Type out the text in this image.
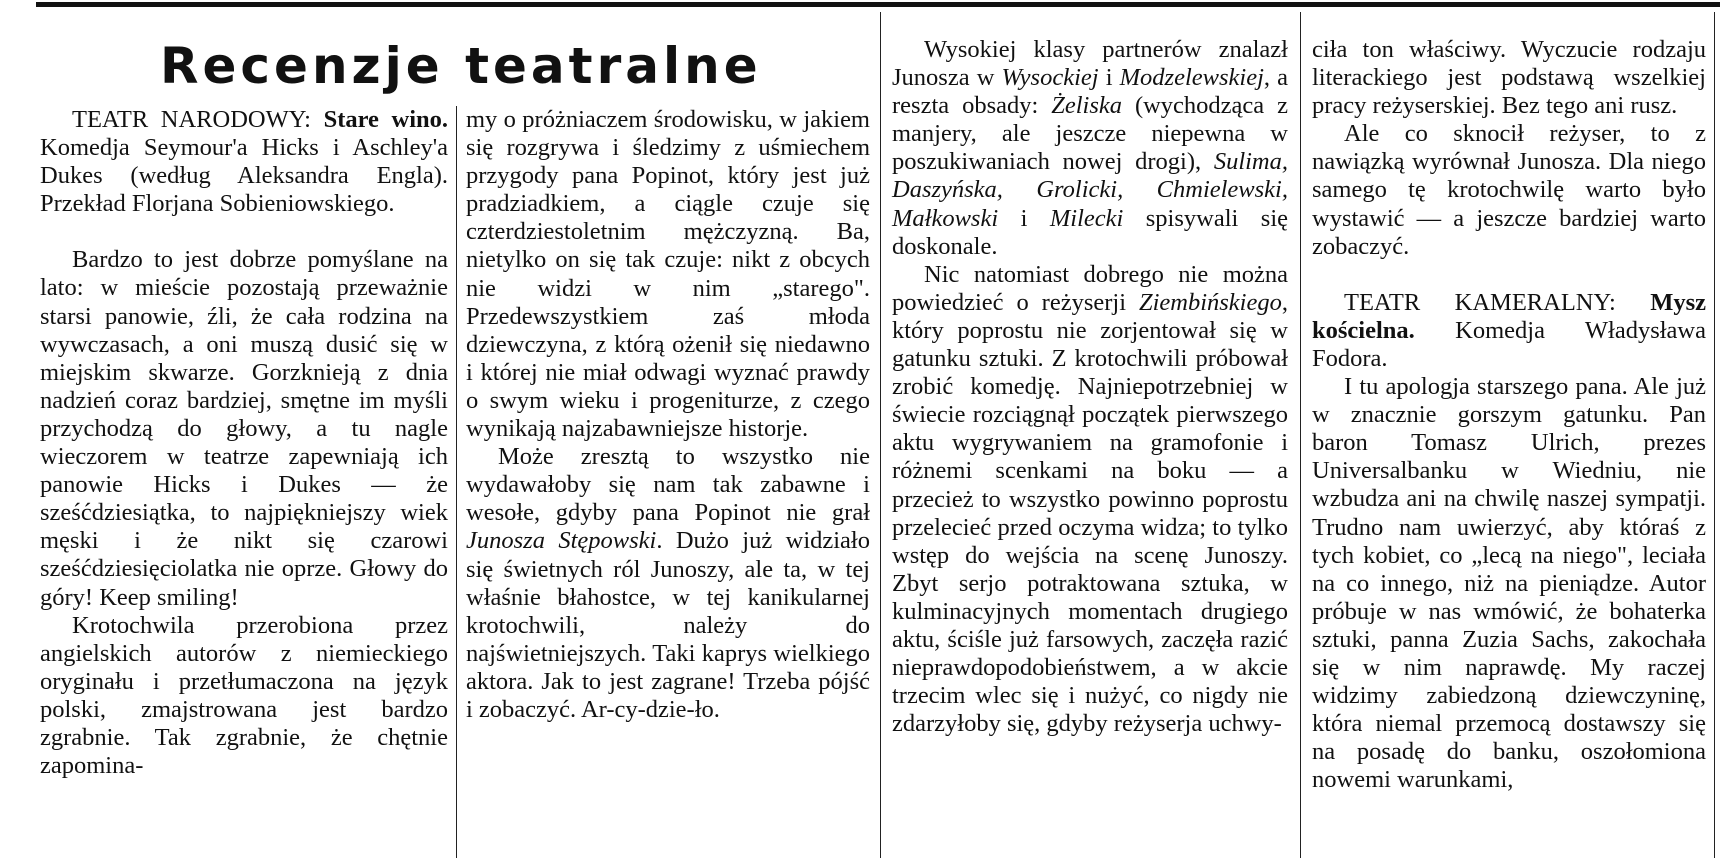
Recenzje teatralne

TEATR NARODOWY: Stare wino. Komedja Seymour'a Hicks i Aschley'a Dukes (według Aleksandra Engla). Przekład Florjana Sobieniowskiego.

Bardzo to jest dobrze pomyślane na lato: w mieście pozostają przeważnie starsi panowie, źli, że cała rodzina na wywczasach, a oni muszą dusić się w miejskim skwarze. Gorzknieją z dnia nadzień coraz bardziej, smętne im myśli przychodzą do głowy, a tu nagle wieczorem w teatrze zapewniają ich panowie Hicks i Dukes — że sześćdziesiątka, to najpiękniejszy wiek męski i że nikt się czarowi sześćdziesięciolatka nie oprze. Głowy do góry! Keep smiling!

Krotochwila przerobiona przez angielskich autorów z niemieckiego oryginału i przetłumaczona na język polski, zmajstrowana jest bardzo zgrabnie. Tak zgrabnie, że chętnie zapomina-

my o próżniaczem środowisku, w jakiem się rozgrywa i śledzimy z uśmiechem przygody pana Popinot, który jest już pradziadkiem, a ciągle czuje się czterdziestoletnim mężczyzną. Ba, nietylko on się tak czuje: nikt z obcych nie widzi w nim „starego". Przedewszystkiem zaś młoda dziewczyna, z którą ożenił się niedawno i której nie miał odwagi wyznać prawdy o swym wieku i progeniturze, z czego wynikają najzabawniejsze historje.

Może zresztą to wszystko nie wydawałoby się nam tak zabawne i wesołe, gdyby pana Popinot nie grał Junosza Stępowski. Dużo już widziało się świetnych ról Junoszy, ale ta, w tej właśnie błahostce, w tej kanikularnej krotochwili, należy do najświetniejszych. Taki kaprys wielkiego aktora. Jak to jest zagrane! Trzeba pójść i zobaczyć. Ar-cy-dzie-ło.

Wysokiej klasy partnerów znalazł Junosza w Wysockiej i Modzelewskiej, a reszta obsady: Żeliska (wychodząca z manjery, ale jeszcze niepewna w poszukiwaniach nowej drogi), Sulima, Daszyńska, Grolicki, Chmielewski, Małkowski i Milecki spisywali się doskonale.

Nic natomiast dobrego nie można powiedzieć o reżyserji Ziembińskiego, który poprostu nie zorjentował się w gatunku sztuki. Z krotochwili próbował zrobić komedję. Najniepotrzebniej w świecie rozciągnął początek pierwszego aktu wygrywaniem na gramofonie i różnemi scenkami na boku — a przecież to wszystko powinno poprostu przelecieć przed oczyma widza; to tylko wstęp do wejścia na scenę Junoszy. Zbyt serjo potraktowana sztuka, w kulminacyjnych momentach drugiego aktu, ściśle już farsowych, zaczęła razić nieprawdopodobieństwem, a w akcie trzecim wlec się i nużyć, co nigdy nie zdarzyłoby się, gdyby reżyserja uchwy-

ciła ton właściwy. Wyczucie rodzaju literackiego jest podstawą wszelkiej pracy reżyserskiej. Bez tego ani rusz.

Ale co sknocił reżyser, to z nawiązką wyrównał Junosza. Dla niego samego tę krotochwilę warto było wystawić — a jeszcze bardziej warto zobaczyć.

TEATR KAMERALNY: Mysz kościelna. Komedja Władysława Fodora.

I tu apologja starszego pana. Ale już w znacznie gorszym gatunku. Pan baron Tomasz Ulrich, prezes Universalbanku w Wiedniu, nie wzbudza ani na chwilę naszej sympatji. Trudno nam uwierzyć, aby któraś z tych kobiet, co „lecą na niego", leciała na co innego, niż na pieniądze. Autor próbuje w nas wmówić, że bohaterka sztuki, panna Zuzia Sachs, zakochała się w nim naprawdę. My raczej widzimy zabiedzoną dziewczyninę, która niemal przemocą dostawszy się na posadę do banku, oszołomiona nowemi warunkami,
